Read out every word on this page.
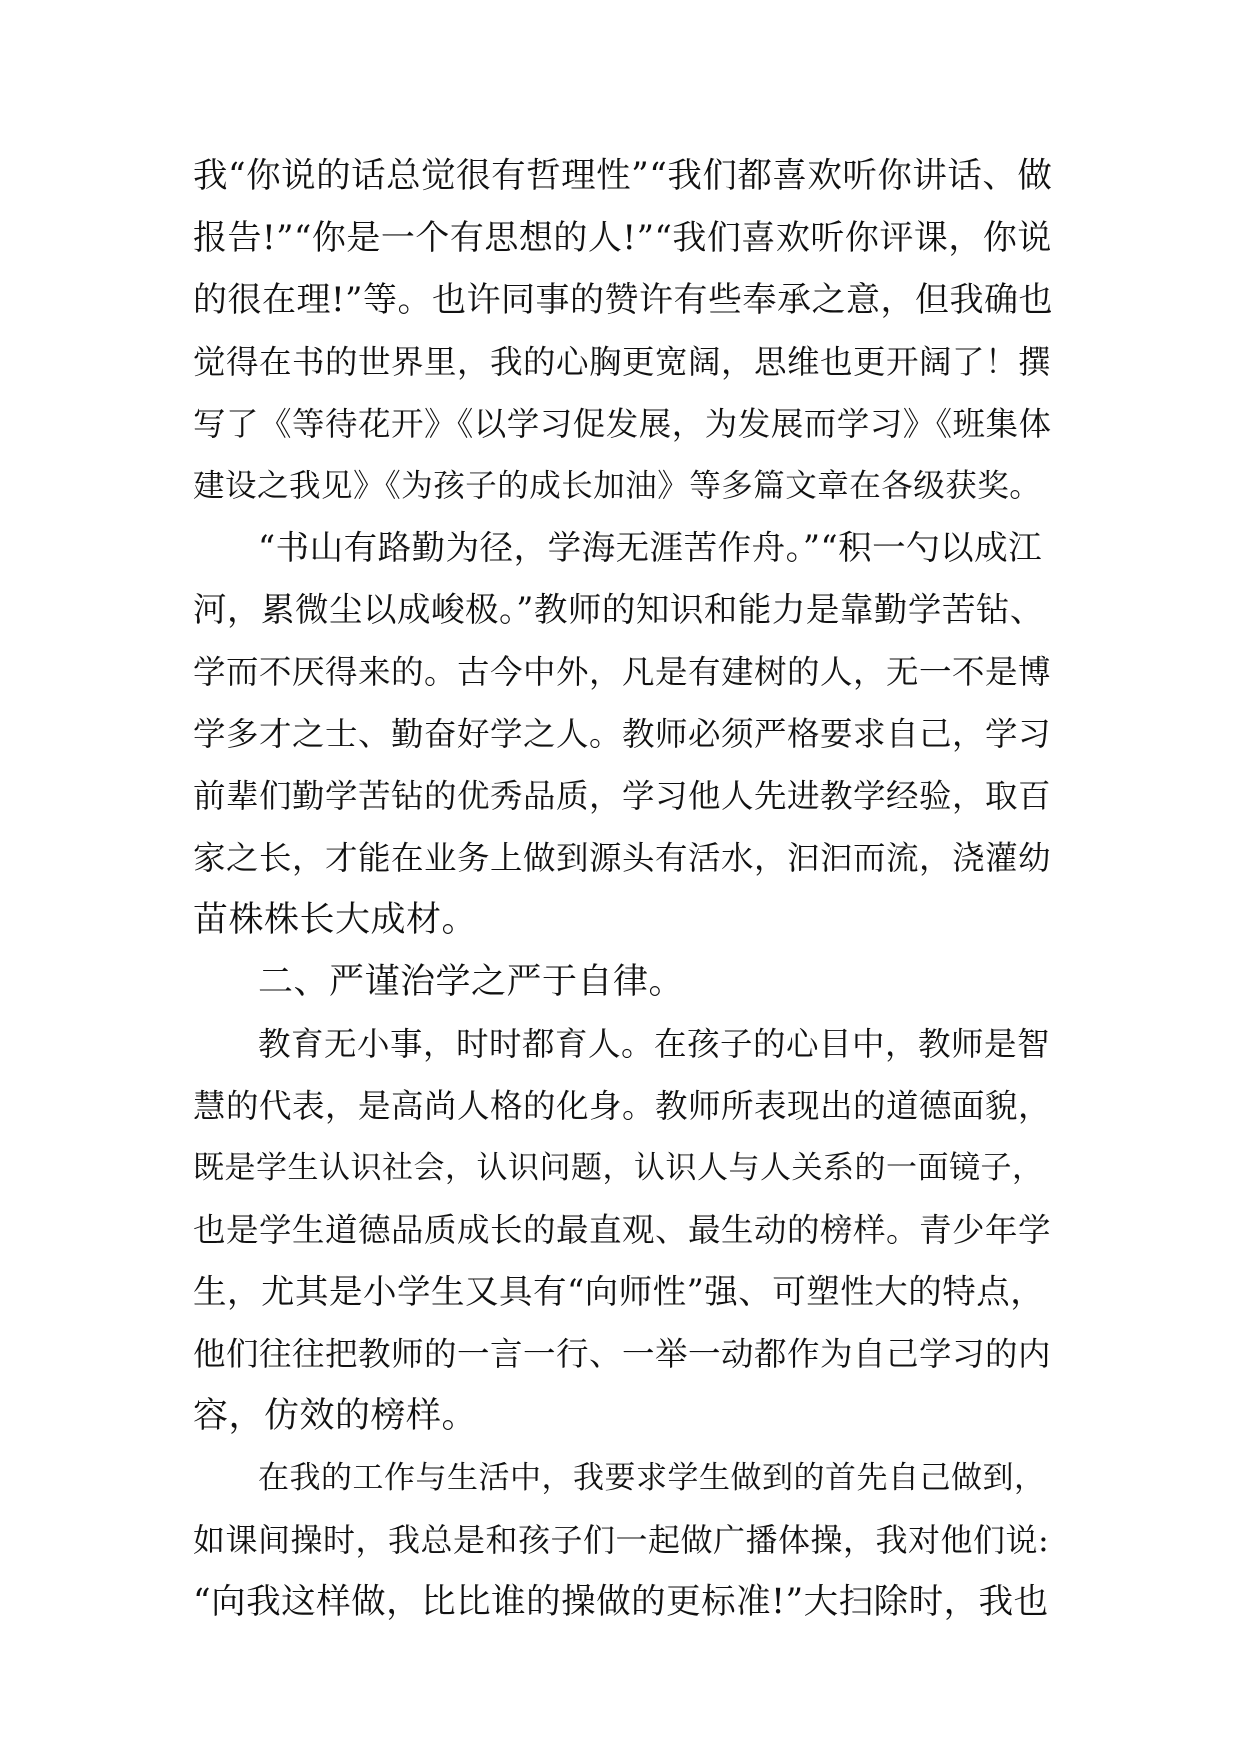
我“你说的话总觉很有哲理性”“我们都喜欢听你讲话、做
报告!”“你是一个有思想的人!”“我们喜欢听你评课，你说
的很在理!”等。也许同事的赞许有些奉承之意，但我确也
觉得在书的世界里，我的心胸更宽阔，思维也更开阔了！撰
写了《等待花开》《以学习促发展，为发展而学习》《班集体
建设之我见》《为孩子的成长加油》等多篇文章在各级获奖。
“书山有路勤为径，学海无涯苦作舟。”“积一勺以成江
河，累微尘以成峻极。”教师的知识和能力是靠勤学苦钻、
学而不厌得来的。古今中外，凡是有建树的人，无一不是博
学多才之士、勤奋好学之人。教师必须严格要求自己，学习
前辈们勤学苦钻的优秀品质，学习他人先进教学经验，取百
家之长，才能在业务上做到源头有活水，汩汩而流，浇灌幼
苗株株长大成材。
二、严谨治学之严于自律。
教育无小事，时时都育人。在孩子的心目中，教师是智
慧的代表，是高尚人格的化身。教师所表现出的道德面貌，
既是学生认识社会，认识问题，认识人与人关系的一面镜子，
也是学生道德品质成长的最直观、最生动的榜样。青少年学
生，尤其是小学生又具有“向师性”强、可塑性大的特点，
他们往往把教师的一言一行、一举一动都作为自己学习的内
容，仿效的榜样。
在我的工作与生活中，我要求学生做到的首先自己做到，
如课间操时，我总是和孩子们一起做广播体操，我对他们说:
“向我这样做，比比谁的操做的更标准!”大扫除时，我也
